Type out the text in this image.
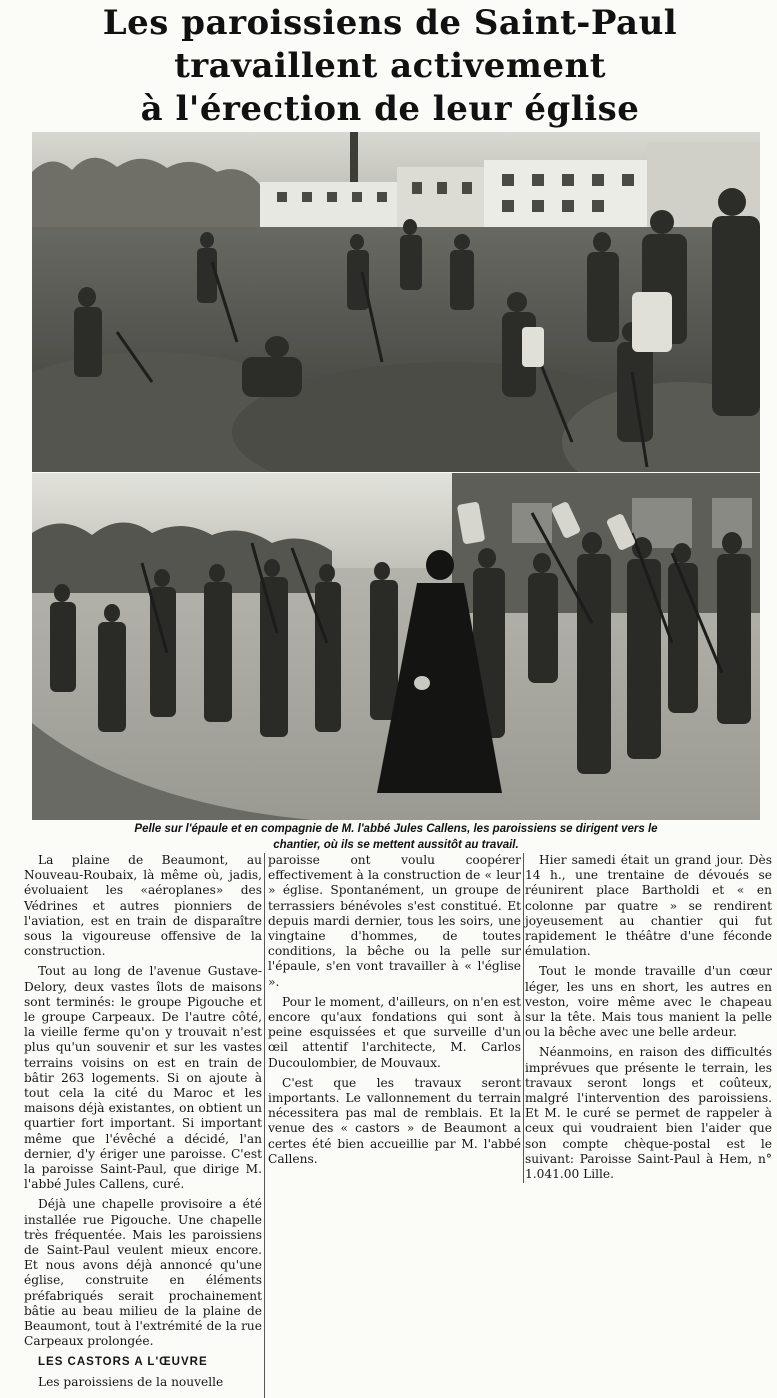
Les paroissiens de Saint-Paul
travaillent activement
à l'érection de leur église
Pelle sur l'épaule et en compagnie de M. l'abbé Jules Callens, les paroissiens se dirigent vers le
chantier, où ils se mettent aussitôt au travail.

La plaine de Beaumont, au Nouveau-Roubaix, là même où, jadis, évoluaient les «aéroplanes» des Védrines et autres pionniers de l'aviation, est en train de disparaître sous la vigoureuse offensive de la construction.

Tout au long de l'avenue Gustave-Delory, deux vastes îlots de maisons sont terminés: le groupe Pigouche et le groupe Carpeaux. De l'autre côté, la vieille ferme qu'on y trouvait n'est plus qu'un souvenir et sur les vastes terrains voisins on est en train de bâtir 263 logements. Si on ajoute à tout cela la cité du Maroc et les maisons déjà existantes, on obtient un quartier fort important. Si important même que l'évêché a décidé, l'an dernier, d'y ériger une paroisse. C'est la paroisse Saint-Paul, que dirige M. l'abbé Jules Callens, curé.

Déjà une chapelle provisoire a été installée rue Pigouche. Une chapelle très fréquentée. Mais les paroissiens de Saint-Paul veulent mieux encore. Et nous avons déjà annoncé qu'une église, construite en éléments préfabriqués serait prochainement bâtie au beau milieu de la plaine de Beaumont, tout à l'extrémité de la rue Carpeaux prolongée.

LES CASTORS A L'ŒUVRE

Les paroissiens de la nouvelle

paroisse ont voulu coopérer effectivement à la construction de « leur » église. Spontanément, un groupe de terrassiers bénévoles s'est constitué. Et depuis mardi dernier, tous les soirs, une vingtaine d'hommes, de toutes conditions, la bêche ou la pelle sur l'épaule, s'en vont travailler à « l'église ».

Pour le moment, d'ailleurs, on n'en est encore qu'aux fondations qui sont à peine esquissées et que surveille d'un œil attentif l'architecte, M. Carlos Ducoulombier, de Mouvaux.

C'est que les travaux seront importants. Le vallonnement du terrain nécessitera pas mal de remblais. Et la venue des « castors » de Beaumont a certes été bien accueillie par M. l'abbé Callens.

Hier samedi était un grand jour. Dès 14 h., une trentaine de dévoués se réunirent place Bartholdi et « en colonne par quatre » se rendirent joyeusement au chantier qui fut rapidement le théâtre d'une féconde émulation.

Tout le monde travaille d'un cœur léger, les uns en short, les autres en veston, voire même avec le chapeau sur la tête. Mais tous manient la pelle ou la bêche avec une belle ardeur.

Néanmoins, en raison des difficultés imprévues que présente le terrain, les travaux seront longs et coûteux, malgré l'intervention des paroissiens. Et M. le curé se permet de rappeler à ceux qui voudraient bien l'aider que son compte chèque-postal est le suivant: Paroisse Saint-Paul à Hem, n° 1.041.00 Lille.
